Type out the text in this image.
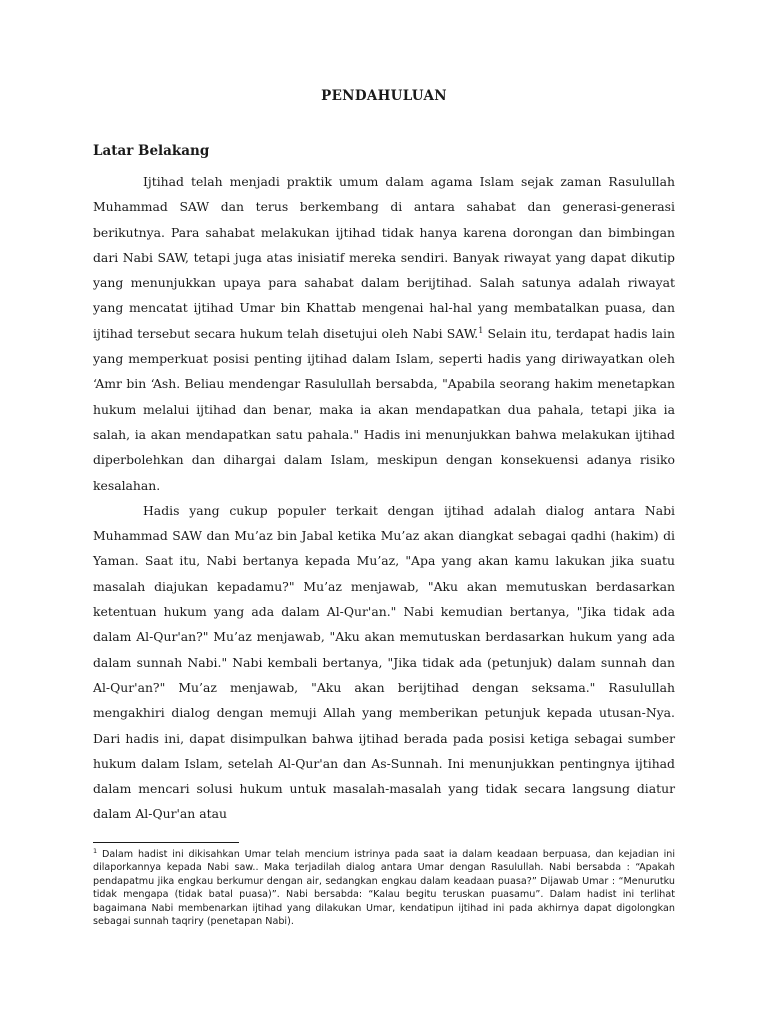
PENDAHULUAN
Latar Belakang

Ijtihad telah menjadi praktik umum dalam agama Islam sejak zaman Rasulullah Muhammad SAW dan terus berkembang di antara sahabat dan generasi-generasi berikutnya. Para sahabat melakukan ijtihad tidak hanya karena dorongan dan bimbingan dari Nabi SAW, tetapi juga atas inisiatif mereka sendiri. Banyak riwayat yang dapat dikutip yang menunjukkan upaya para sahabat dalam berijtihad. Salah satunya adalah riwayat yang mencatat ijtihad Umar bin Khattab mengenai hal-hal yang membatalkan puasa, dan ijtihad tersebut secara hukum telah disetujui oleh Nabi SAW.$^1$ Selain itu, terdapat hadis lain yang memperkuat posisi penting ijtihad dalam Islam, seperti hadis yang diriwayatkan oleh ‘Amr bin ‘Ash. Beliau mendengar Rasulullah bersabda, "Apabila seorang hakim menetapkan hukum melalui ijtihad dan benar, maka ia akan mendapatkan dua pahala, tetapi jika ia salah, ia akan mendapatkan satu pahala." Hadis ini menunjukkan bahwa melakukan ijtihad diperbolehkan dan dihargai dalam Islam, meskipun dengan konsekuensi adanya risiko kesalahan.

Hadis yang cukup populer terkait dengan ijtihad adalah dialog antara Nabi Muhammad SAW dan Mu’az bin Jabal ketika Mu’az akan diangkat sebagai qadhi (hakim) di Yaman. Saat itu, Nabi bertanya kepada Mu’az, "Apa yang akan kamu lakukan jika suatu masalah diajukan kepadamu?" Mu’az menjawab, "Aku akan memutuskan berdasarkan ketentuan hukum yang ada dalam Al-Qur'an." Nabi kemudian bertanya, "Jika tidak ada dalam Al-Qur'an?" Mu’az menjawab, "Aku akan memutuskan berdasarkan hukum yang ada dalam sunnah Nabi." Nabi kembali bertanya, "Jika tidak ada (petunjuk) dalam sunnah dan Al-Qur'an?" Mu’az menjawab, "Aku akan berijtihad dengan seksama." Rasulullah mengakhiri dialog dengan memuji Allah yang memberikan petunjuk kepada utusan-Nya. Dari hadis ini, dapat disimpulkan bahwa ijtihad berada pada posisi ketiga sebagai sumber hukum dalam Islam, setelah Al-Qur'an dan As-Sunnah. Ini menunjukkan pentingnya ijtihad dalam mencari solusi hukum untuk masalah-masalah yang tidak secara langsung diatur dalam Al-Qur'an atau

$^1$ Dalam hadist ini dikisahkan Umar telah mencium istrinya pada saat ia dalam keadaan berpuasa, dan kejadian ini dilaporkannya kepada Nabi saw.. Maka terjadilah dialog antara Umar dengan Rasulullah. Nabi bersabda : “Apakah pendapatmu jika engkau berkumur dengan air, sedangkan engkau dalam keadaan puasa?” Dijawab Umar : “Menurutku tidak mengapa (tidak batal puasa)”. Nabi bersabda: “Kalau begitu teruskan puasamu”. Dalam hadist ini terlihat bagaimana Nabi membenarkan ijtihad yang dilakukan Umar, kendatipun ijtihad ini pada akhirnya dapat digolongkan sebagai sunnah taqriry (penetapan Nabi).
